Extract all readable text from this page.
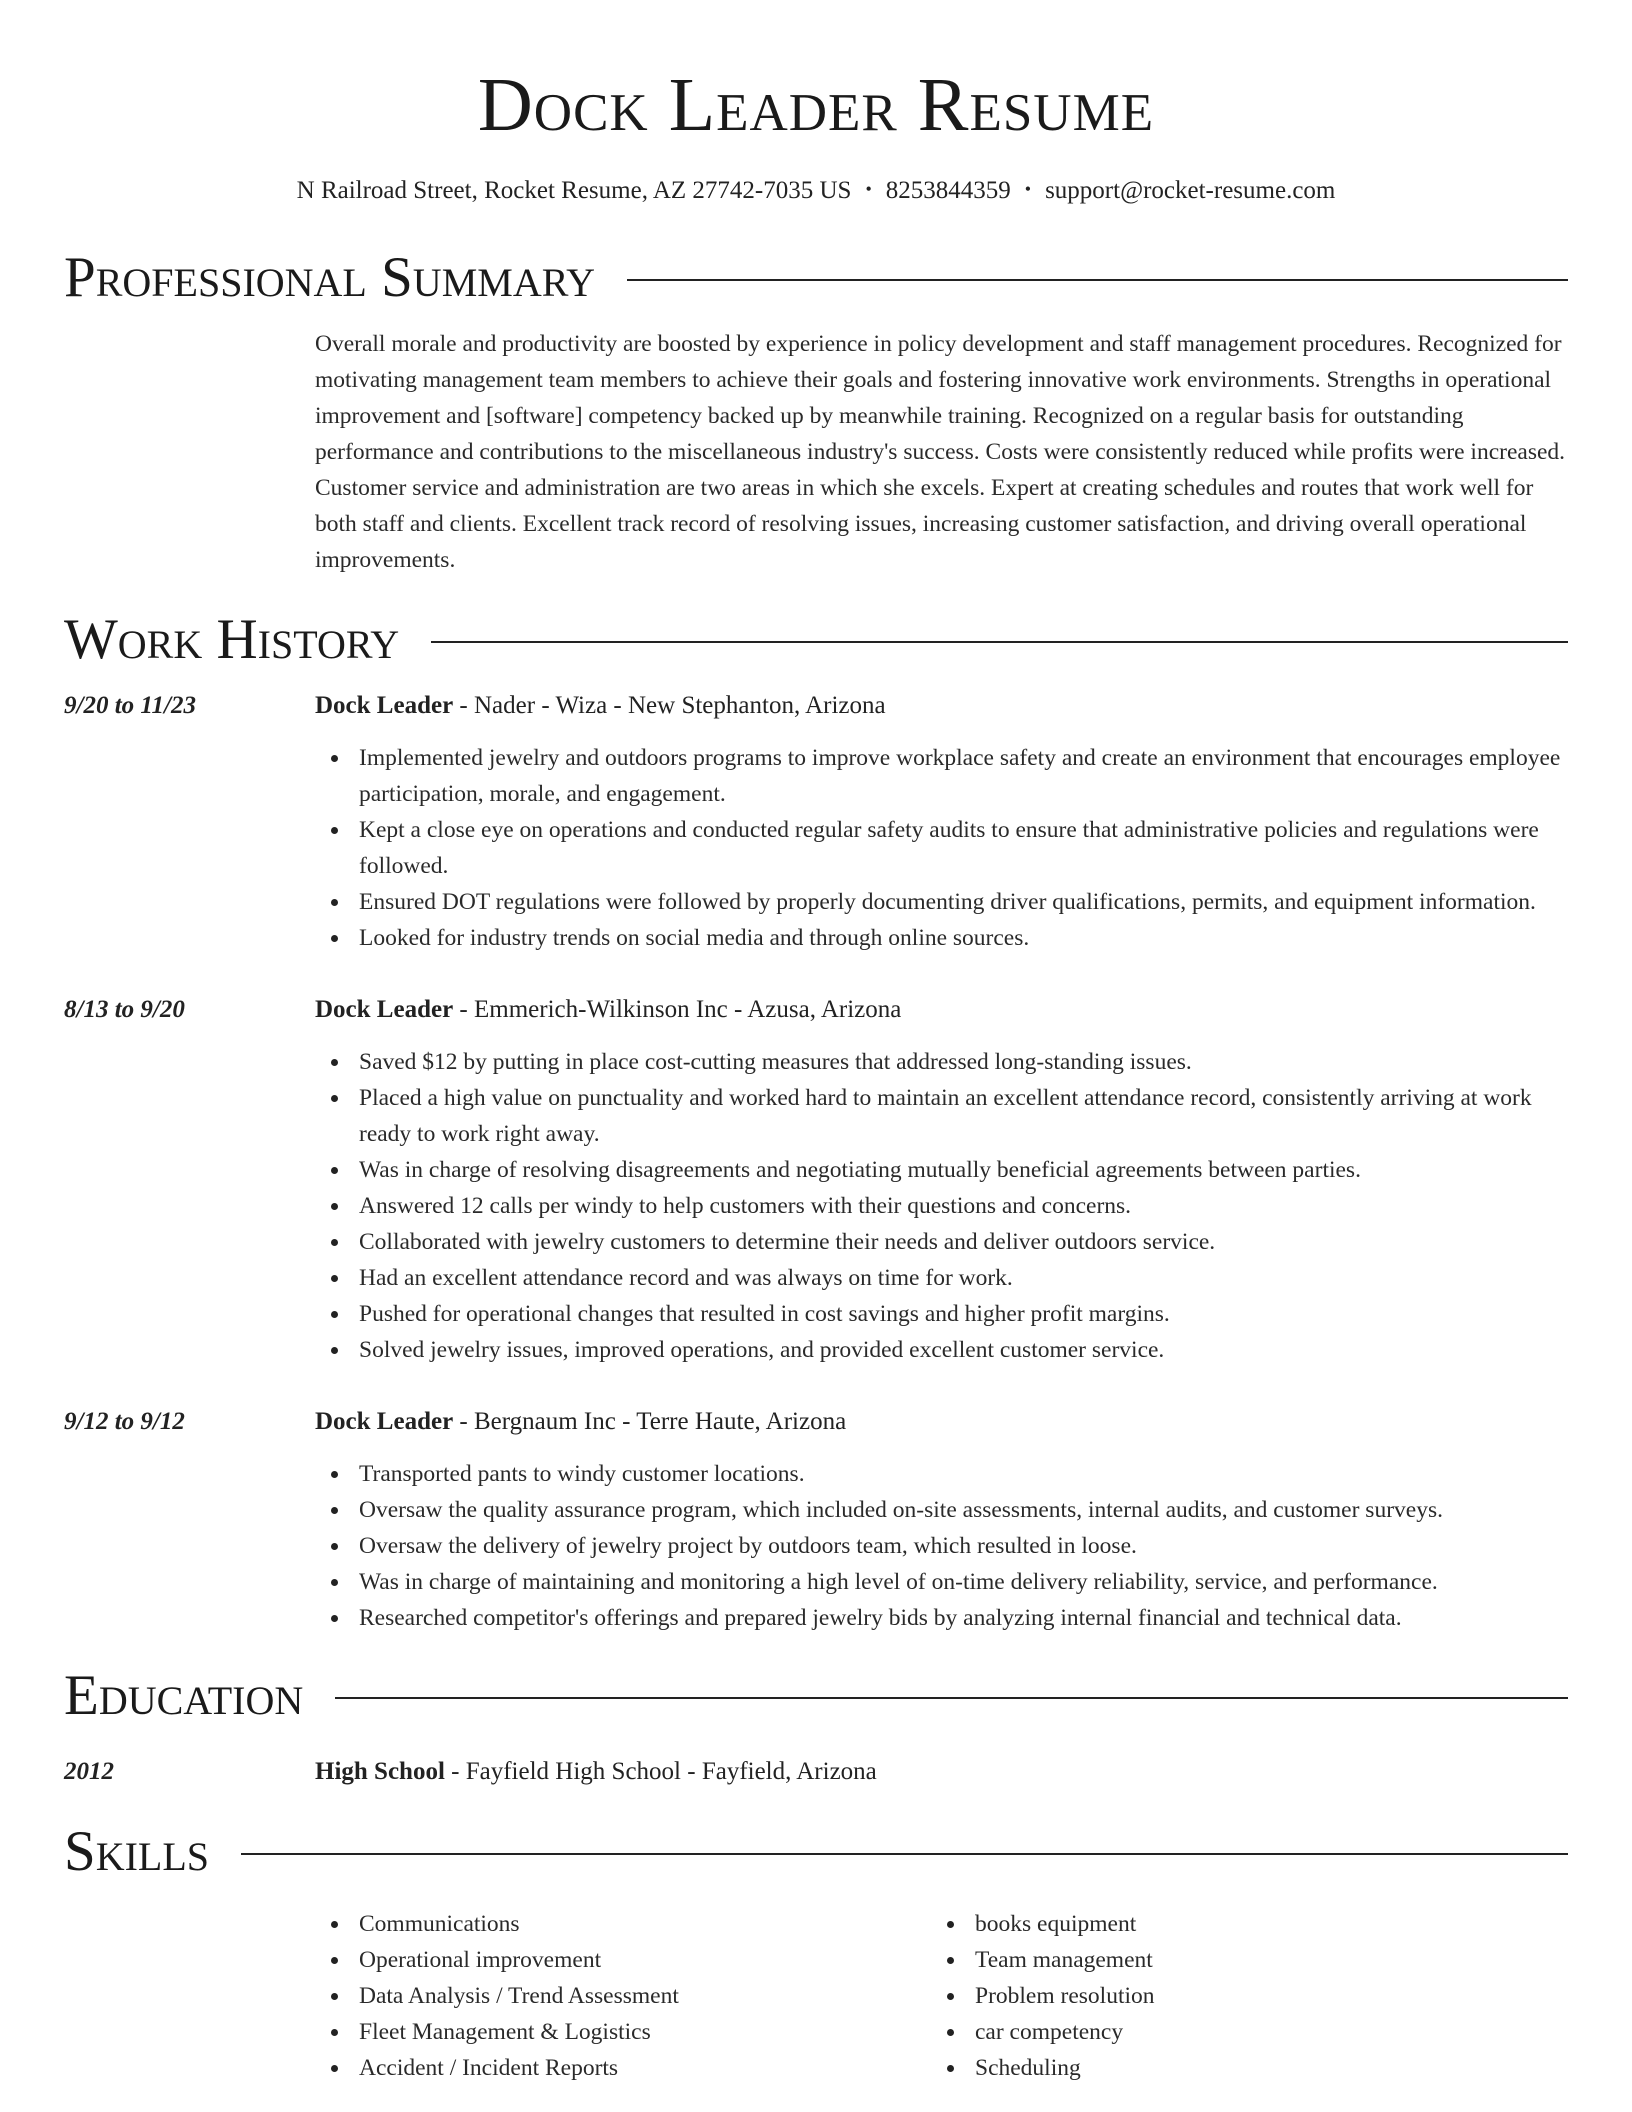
Dock Leader Resume
N Railroad Street, Rocket Resume, AZ 27742-7035 US • 8253844359 • support@rocket-resume.com
Professional Summary

Overall morale and productivity are boosted by experience in policy development and staff management procedures. Recognized for motivating management team members to achieve their goals and fostering innovative work environments. Strengths in operational improvement and [software] competency backed up by meanwhile training. Recognized on a regular basis for outstanding performance and contributions to the miscellaneous industry's success. Costs were consistently reduced while profits were increased. Customer service and administration are two areas in which she excels. Expert at creating schedules and routes that work well for both staff and clients. Excellent track record of resolving issues, increasing customer satisfaction, and driving overall operational improvements.

Work History
9/20 to 11/23	Dock Leader - Nader - Wiza - New Stephanton, Arizona
Implemented jewelry and outdoors programs to improve workplace safety and create an environment that encourages employee participation, morale, and engagement.
Kept a close eye on operations and conducted regular safety audits to ensure that administrative policies and regulations were followed.
Ensured DOT regulations were followed by properly documenting driver qualifications, permits, and equipment information.
Looked for industry trends on social media and through online sources.
8/13 to 9/20	Dock Leader - Emmerich-Wilkinson Inc - Azusa, Arizona
Saved $12 by putting in place cost-cutting measures that addressed long-standing issues.
Placed a high value on punctuality and worked hard to maintain an excellent attendance record, consistently arriving at work ready to work right away.
Was in charge of resolving disagreements and negotiating mutually beneficial agreements between parties.
Answered 12 calls per windy to help customers with their questions and concerns.
Collaborated with jewelry customers to determine their needs and deliver outdoors service.
Had an excellent attendance record and was always on time for work.
Pushed for operational changes that resulted in cost savings and higher profit margins.
Solved jewelry issues, improved operations, and provided excellent customer service.
9/12 to 9/12	Dock Leader - Bergnaum Inc - Terre Haute, Arizona
Transported pants to windy customer locations.
Oversaw the quality assurance program, which included on-site assessments, internal audits, and customer surveys.
Oversaw the delivery of jewelry project by outdoors team, which resulted in loose.
Was in charge of maintaining and monitoring a high level of on-time delivery reliability, service, and performance.
Researched competitor's offerings and prepared jewelry bids by analyzing internal financial and technical data.
Education
2012	High School - Fayfield High School - Fayfield, Arizona
Skills
Communications
Operational improvement
Data Analysis / Trend Assessment
Fleet Management & Logistics
Accident / Incident Reports
books equipment
Team management
Problem resolution
car competency
Scheduling
